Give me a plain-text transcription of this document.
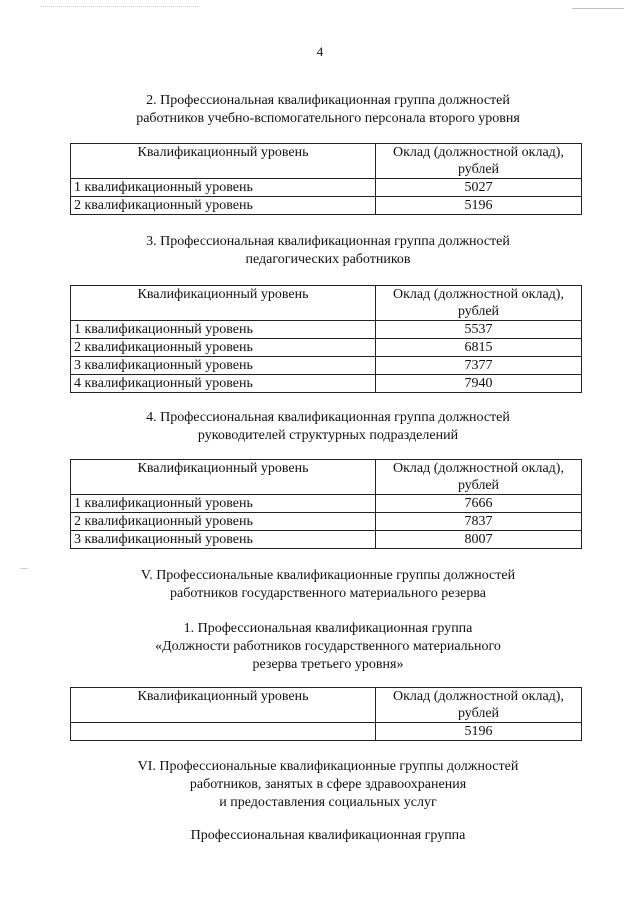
4
2. Профессиональная квалификационная группа должностей
работников учебно-вспомогательного персонала второго уровня
Квалификационный уровень	Оклад (должностной оклад),
рублей

1 квалификационный уровень	5027
2 квалификационный уровень	5196
3. Профессиональная квалификационная группа должностей
педагогических работников
Квалификационный уровень	Оклад (должностной оклад),
рублей

1 квалификационный уровень	5537
2 квалификационный уровень	6815
3 квалификационный уровень	7377
4 квалификационный уровень	7940
4. Профессиональная квалификационная группа должностей
руководителей структурных подразделений
Квалификационный уровень	Оклад (должностной оклад),
рублей

1 квалификационный уровень	7666
2 квалификационный уровень	7837
3 квалификационный уровень	8007
V. Профессиональные квалификационные группы должностей
работников государственного материального резерва
1. Профессиональная квалификационная группа
«Должности работников государственного материального
резерва третьего уровня»
Квалификационный уровень	Оклад (должностной оклад),
рублей

	5196
VI. Профессиональные квалификационные группы должностей
работников, занятых в сфере здравоохранения
и предоставления социальных услуг
Профессиональная квалификационная группа
